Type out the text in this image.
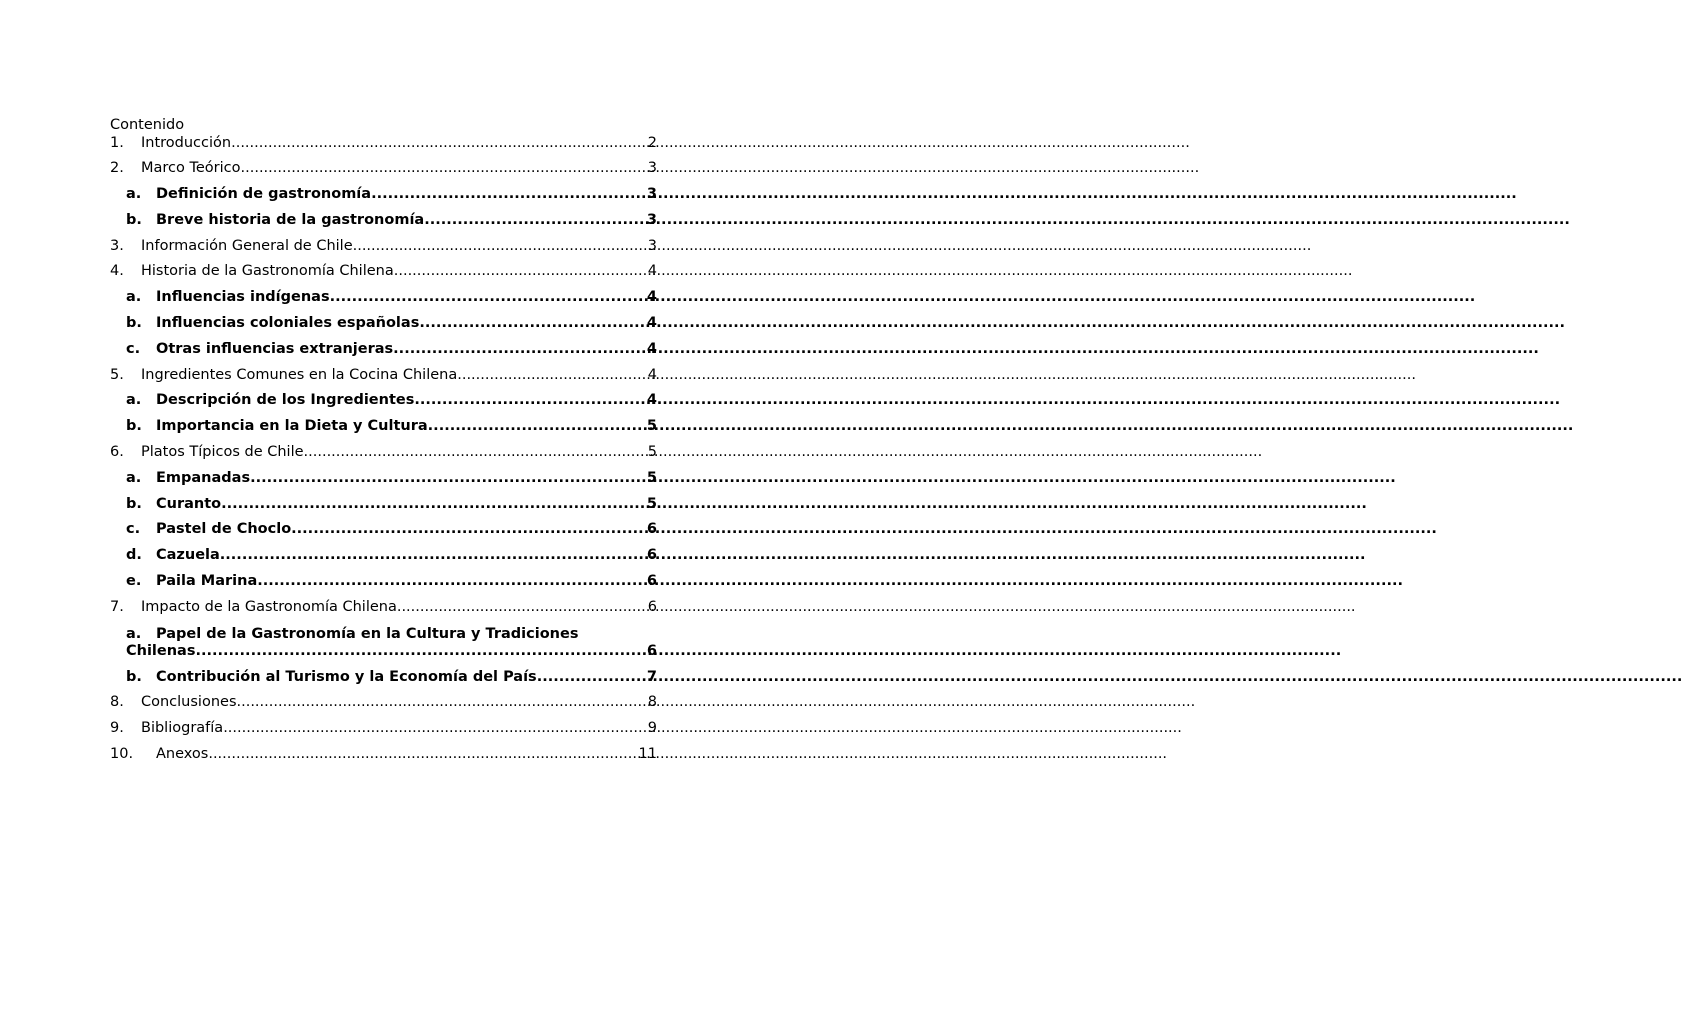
Contenido

1.	Introducción .....	2
2.	Marco Teórico .....	3
a.	Definición de gastronomía .....	3
b. Breve historia de la gastronomía .....	3
3.	Información General de Chile .....	3
4.	Historia de la Gastronomía Chilena .....	4
a.	Influencias indígenas .....	4
b. Influencias coloniales españolas .....	4
c.	Otras influencias extranjeras .....	4
5.	Ingredientes Comunes en la Cocina Chilena .....	4
a.	Descripción de los Ingredientes .....	4
b. Importancia en la Dieta y Cultura .....	5
6.	Platos Típicos de Chile .....	5
a.	Empanadas .....	5
b. Curanto .....	5
c.	Pastel de Choclo .....	6
d. Cazuela .....	6
e.	Paila Marina .....	6
7.	Impacto de la Gastronomía Chilena .....	6
a.	Papel de la Gastronomía en la Cultura y Tradiciones
Chilenas .....	6
b. Contribución al Turismo y la Economía del País .....	7
8.	Conclusiones .....	8
9.	Bibliografía .....	9
10.	Anexos .....	11
